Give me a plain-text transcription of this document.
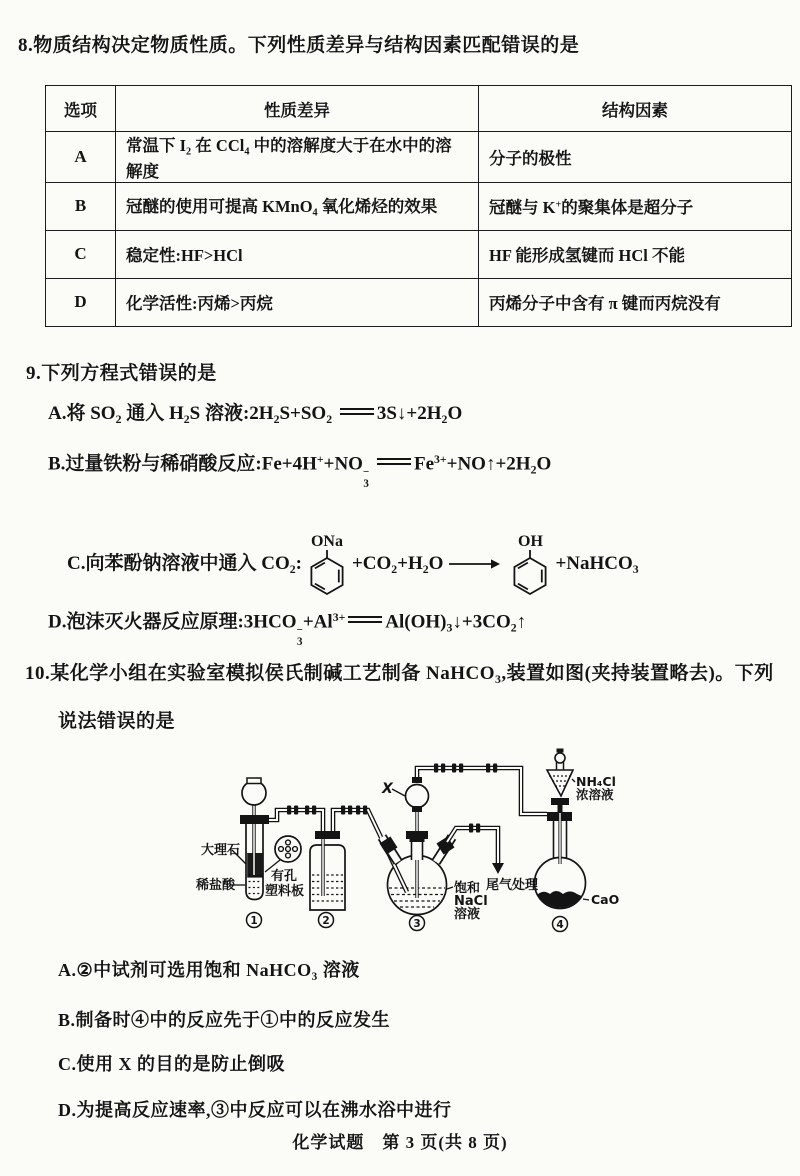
8.物质结构决定物质性质。下列性质差异与结构因素匹配错误的是
选项	性质差异	结构因素
A	常温下 $I_2$ 在 CCl$_4$ 中的溶解度大于在水中的溶解度	分子的极性
B	冠醚的使用可提高 KMnO$_4$ 氧化烯烃的效果	冠醚与 K+的聚集体是超分子
C	稳定性:HF>HCl	HF 能形成氢键而 HCl 不能
D	化学活性:丙烯>丙烷	丙烯分子中含有 π 键而丙烷没有
9.下列方程式错误的是
A.将 $SO_2$ 通入 $H_2S$ 溶液$:2H_2S+SO_2$ $3S↓+2H_2O$
B.过量铁粉与稀硝酸反应:Fe+4H++NO −
3
$Fe^{3+}+NO↑+2H_2O$

C.向苯酚钠溶液中通入 $CO_2$:
ONa
$+CO_2+H_2O$ →
OH
+NaHCO$_3$

D.泡沫灭火器反应原理:3HCO −
3
$+Al^{3+}$ $Al(OH)_3↓+3CO_2↑$
10.某化学小组在实验室模拟侯氏制碱工艺制备 NaHCO$_3$,装置如图(夹持装置略去)。下列
说法错误的是
大理石
稀盐酸
有孔
塑料板
X
饱和
NaCl
溶液
尾气处理
NH₄Cl
浓溶液
CaO
1	2	3	4
A.②中试剂可选用饱和 NaHCO$_3$ 溶液
B.制备时④中的反应先于①中的反应发生
C.使用 X 的目的是防止倒吸
D.为提高反应速率,③中反应可以在沸水浴中进行
化学试题　第 3 页(共 8 页)
